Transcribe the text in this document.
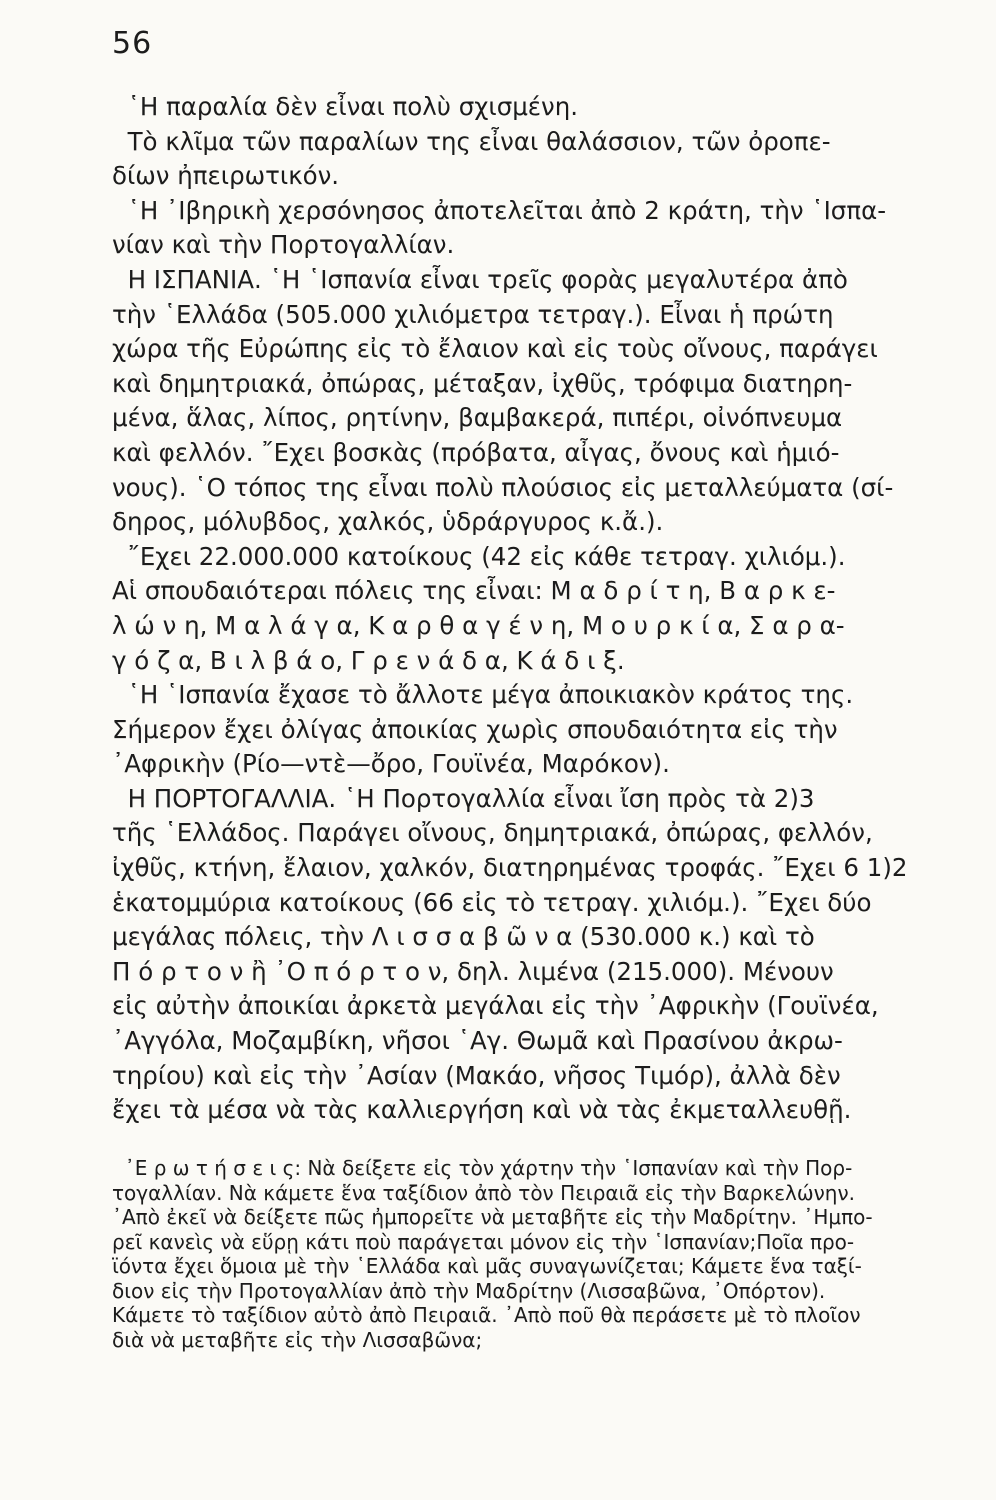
56
῾Η παραλία δὲν εἶναι πολὺ σχισμένη.
Τὸ κλῖμα τῶν παραλίων της εἶναι θαλάσσιον, τῶν ὀροπε-
δίων ἠπειρωτικόν.
῾Η ᾿Ιβηρικὴ χερσόνησος ἀποτελεῖται ἀπὸ 2 κράτη, τὴν ῾Ισπα-
νίαν καὶ τὴν Πορτογαλλίαν.
Η ΙΣΠΑΝΙΑ. ῾Η ῾Ισπανία εἶναι τρεῖς φορὰς μεγαλυτέρα ἀπὸ
τὴν ῾Ελλάδα (505.000 χιλιόμετρα τετραγ.). Εἶναι ἡ πρώτη
χώρα τῆς Εὐρώπης εἰς τὸ ἔλαιον καὶ εἰς τοὺς οἴνους, παράγει
καὶ δημητριακά, ὀπώρας, μέταξαν, ἰχθῦς, τρόφιμα διατηρη-
μένα, ἅλας, λίπος, ρητίνην, βαμβακερά, πιπέρι, οἰνόπνευμα
καὶ φελλόν. ῎Εχει βοσκὰς (πρόβατα, αἶγας, ὄνους καὶ ἡμιό-
νους). ῾Ο τόπος της εἶναι πολὺ πλούσιος εἰς μεταλλεύματα (σί-
δηρος, μόλυβδος, χαλκός, ὑδράργυρος κ.ἄ.).
῎Εχει 22.000.000 κατοίκους (42 εἰς κάθε τετραγ. χιλιόμ.).
Αἱ σπουδαιότεραι πόλεις της εἶναι: Μ α δ ρ ί τ η, Β α ρ κ ε-
λ ώ ν η, Μ α λ ά γ α, Κ α ρ θ α γ έ ν η, Μ ο υ ρ κ ί α, Σ α ρ α-
γ ό ζ α, Β ι λ β ά ο, Γ ρ ε ν ά δ α, Κ ά δ ι ξ.
῾Η ῾Ισπανία ἔχασε τὸ ἄλλοτε μέγα ἀποικιακὸν κράτος της.
Σήμερον ἔχει ὀλίγας ἀποικίας χωρὶς σπουδαιότητα εἰς τὴν
᾿Αφρικὴν (Ρίο—ντὲ—ὄρο, Γουϊνέα, Μαρόκον).
Η ΠΟΡΤΟΓΑΛΛΙΑ. ῾Η Πορτογαλλία εἶναι ἴση πρὸς τὰ 2)3
τῆς ῾Ελλάδος. Παράγει οἴνους, δημητριακά, ὀπώρας, φελλόν,
ἰχθῦς, κτήνη, ἔλαιον, χαλκόν, διατηρημένας τροφάς. ῎Εχει 6 1)2
ἑκατομμύρια κατοίκους (66 εἰς τὸ τετραγ. χιλιόμ.). ῎Εχει δύο
μεγάλας πόλεις, τὴν Λ ι σ σ α β ῶ ν α (530.000 κ.) καὶ τὸ
Π ό ρ τ ο ν ἢ ᾿Ο π ό ρ τ ο ν, δηλ. λιμένα (215.000). Μένουν
εἰς αὐτὴν ἀποικίαι ἀρκετὰ μεγάλαι εἰς τὴν ᾿Αφρικὴν (Γουϊνέα,
᾿Αγγόλα, Μοζαμβίκη, νῆσοι ῾Αγ. Θωμᾶ καὶ Πρασίνου ἀκρω-
τηρίου) καὶ εἰς τὴν ᾿Ασίαν (Μακάο, νῆσος Τιμόρ), ἀλλὰ δὲν
ἔχει τὰ μέσα νὰ τὰς καλλιεργήση καὶ νὰ τὰς ἐκμεταλλευθῇ.
᾿Ε ρ ω τ ή σ ε ι ς: Νὰ δείξετε εἰς τὸν χάρτην τὴν ῾Ισπανίαν καὶ τὴν Πορ-
τογαλλίαν. Νὰ κάμετε ἕνα ταξίδιον ἀπὸ τὸν Πειραιᾶ εἰς τὴν Βαρκελώνην.
᾿Απὸ ἐκεῖ νὰ δείξετε πῶς ἠμπορεῖτε νὰ μεταβῆτε εἰς τὴν Μαδρίτην. ᾿Ημπο-
ρεῖ κανεὶς νὰ εὕρῃ κάτι ποὺ παράγεται μόνον εἰς τὴν ῾Ισπανίαν;Ποῖα προ-
ϊόντα ἔχει ὅμοια μὲ τὴν ῾Ελλάδα καὶ μᾶς συναγωνίζεται; Κάμετε ἕνα ταξί-
διον εἰς τὴν Προτογαλλίαν ἀπὸ τὴν Μαδρίτην (Λισσαβῶνα, ᾿Οπόρτον).
Κάμετε τὸ ταξίδιον αὐτὸ ἀπὸ Πειραιᾶ. ᾿Απὸ ποῦ θὰ περάσετε μὲ τὸ πλοῖον
διὰ νὰ μεταβῆτε εἰς τὴν Λισσαβῶνα;
